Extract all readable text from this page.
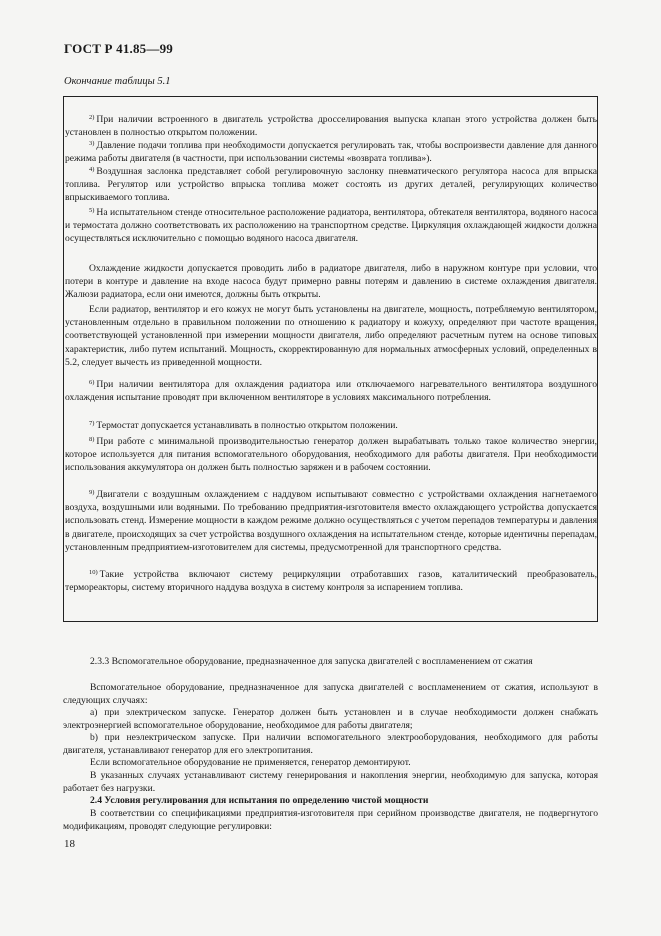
ГОСТ Р 41.85—99
Окончание таблицы 5.1

$^{2)}$ При наличии встроенного в двигатель устройства дросселирования выпуска клапан этого устройства должен быть установлен в полностью открытом положении.

$^{3)}$ Давление подачи топлива при необходимости допускается регулировать так, чтобы воспроизвести давление для данного режима работы двигателя (в частности, при использовании системы «возврата топлива»).

$^{4)}$ Воздушная заслонка представляет собой регулировочную заслонку пневматического регулятора насоса для впрыска топлива. Регулятор или устройство впрыска топлива может состоять из других деталей, регулирующих количество впрыскиваемого топлива.

$^{5)}$ На испытательном стенде относительное расположение радиатора, вентилятора, обтекателя вентилятора, водяного насоса и термостата должно соответствовать их расположению на транспортном средстве. Циркуляция охлаждающей жидкости должна осуществляться исключительно с помощью водяного насоса двигателя.

Охлаждение жидкости допускается проводить либо в радиаторе двигателя, либо в наружном контуре при условии, что потери в контуре и давление на входе насоса будут примерно равны потерям и давлению в системе охлаждения двигателя. Жалюзи радиатора, если они имеются, должны быть открыты.

Если радиатор, вентилятор и его кожух не могут быть установлены на двигателе, мощность, потребляемую вентилятором, установленным отдельно в правильном положении по отношению к радиатору и кожуху, определяют при частоте вращения, соответствующей установленной при измерении мощности двигателя, либо определяют расчетным путем на основе типовых характеристик, либо путем испытаний. Мощность, скорректированную для нормальных атмосферных условий, определенных в 5.2, следует вычесть из приведенной мощности.

$^{6)}$ При наличии вентилятора для охлаждения радиатора или отключаемого нагревательного вентилятора воздушного охлаждения испытание проводят при включенном вентиляторе в условиях максимального потребления.

$^{7)}$ Термостат допускается устанавливать в полностью открытом положении.

$^{8)}$ При работе с минимальной производительностью генератор должен вырабатывать только такое количество энергии, которое используется для питания вспомогательного оборудования, необходимого для работы двигателя. При необходимости использования аккумулятора он должен быть полностью заряжен и в рабочем состоянии.

$^{9)}$ Двигатели с воздушным охлаждением с наддувом испытывают совместно с устройствами охлаждения нагнетаемого воздуха, воздушными или водяными. По требованию предприятия-изготовителя вместо охлаждающего устройства допускается использовать стенд. Измерение мощности в каждом режиме должно осуществляться с учетом перепадов температуры и давления в двигателе, происходящих за счет устройства воздушного охлаждения на испытательном стенде, которые идентичны перепадам, установленным предприятием-изготовителем для системы, предусмотренной для транспортного средства.

$^{10)}$ Такие устройства включают систему рециркуляции отработавших газов, каталитический преобразователь, термореакторы, систему вторичного наддува воздуха в систему контроля за испарением топлива.

2.3.3 Вспомогательное оборудование, предназначенное для запуска двигателей с воспламенением от сжатия

Вспомогательное оборудование, предназначенное для запуска двигателей с воспламенением от сжатия, используют в следующих случаях:

а) при электрическом запуске. Генератор должен быть установлен и в случае необходимости должен снабжать электроэнергией вспомогательное оборудование, необходимое для работы двигателя;

b) при неэлектрическом запуске. При наличии вспомогательного электрооборудования, необходимого для работы двигателя, устанавливают генератор для его электропитания.

Если вспомогательное оборудование не применяется, генератор демонтируют.

В указанных случаях устанавливают систему генерирования и накопления энергии, необходимую для запуска, которая работает без нагрузки.

2.4 Условия регулирования для испытания по определению чистой мощности

В соответствии со спецификациями предприятия-изготовителя при серийном производстве двигателя, не подвергнутого модификациям, проводят следующие регулировки:

18
